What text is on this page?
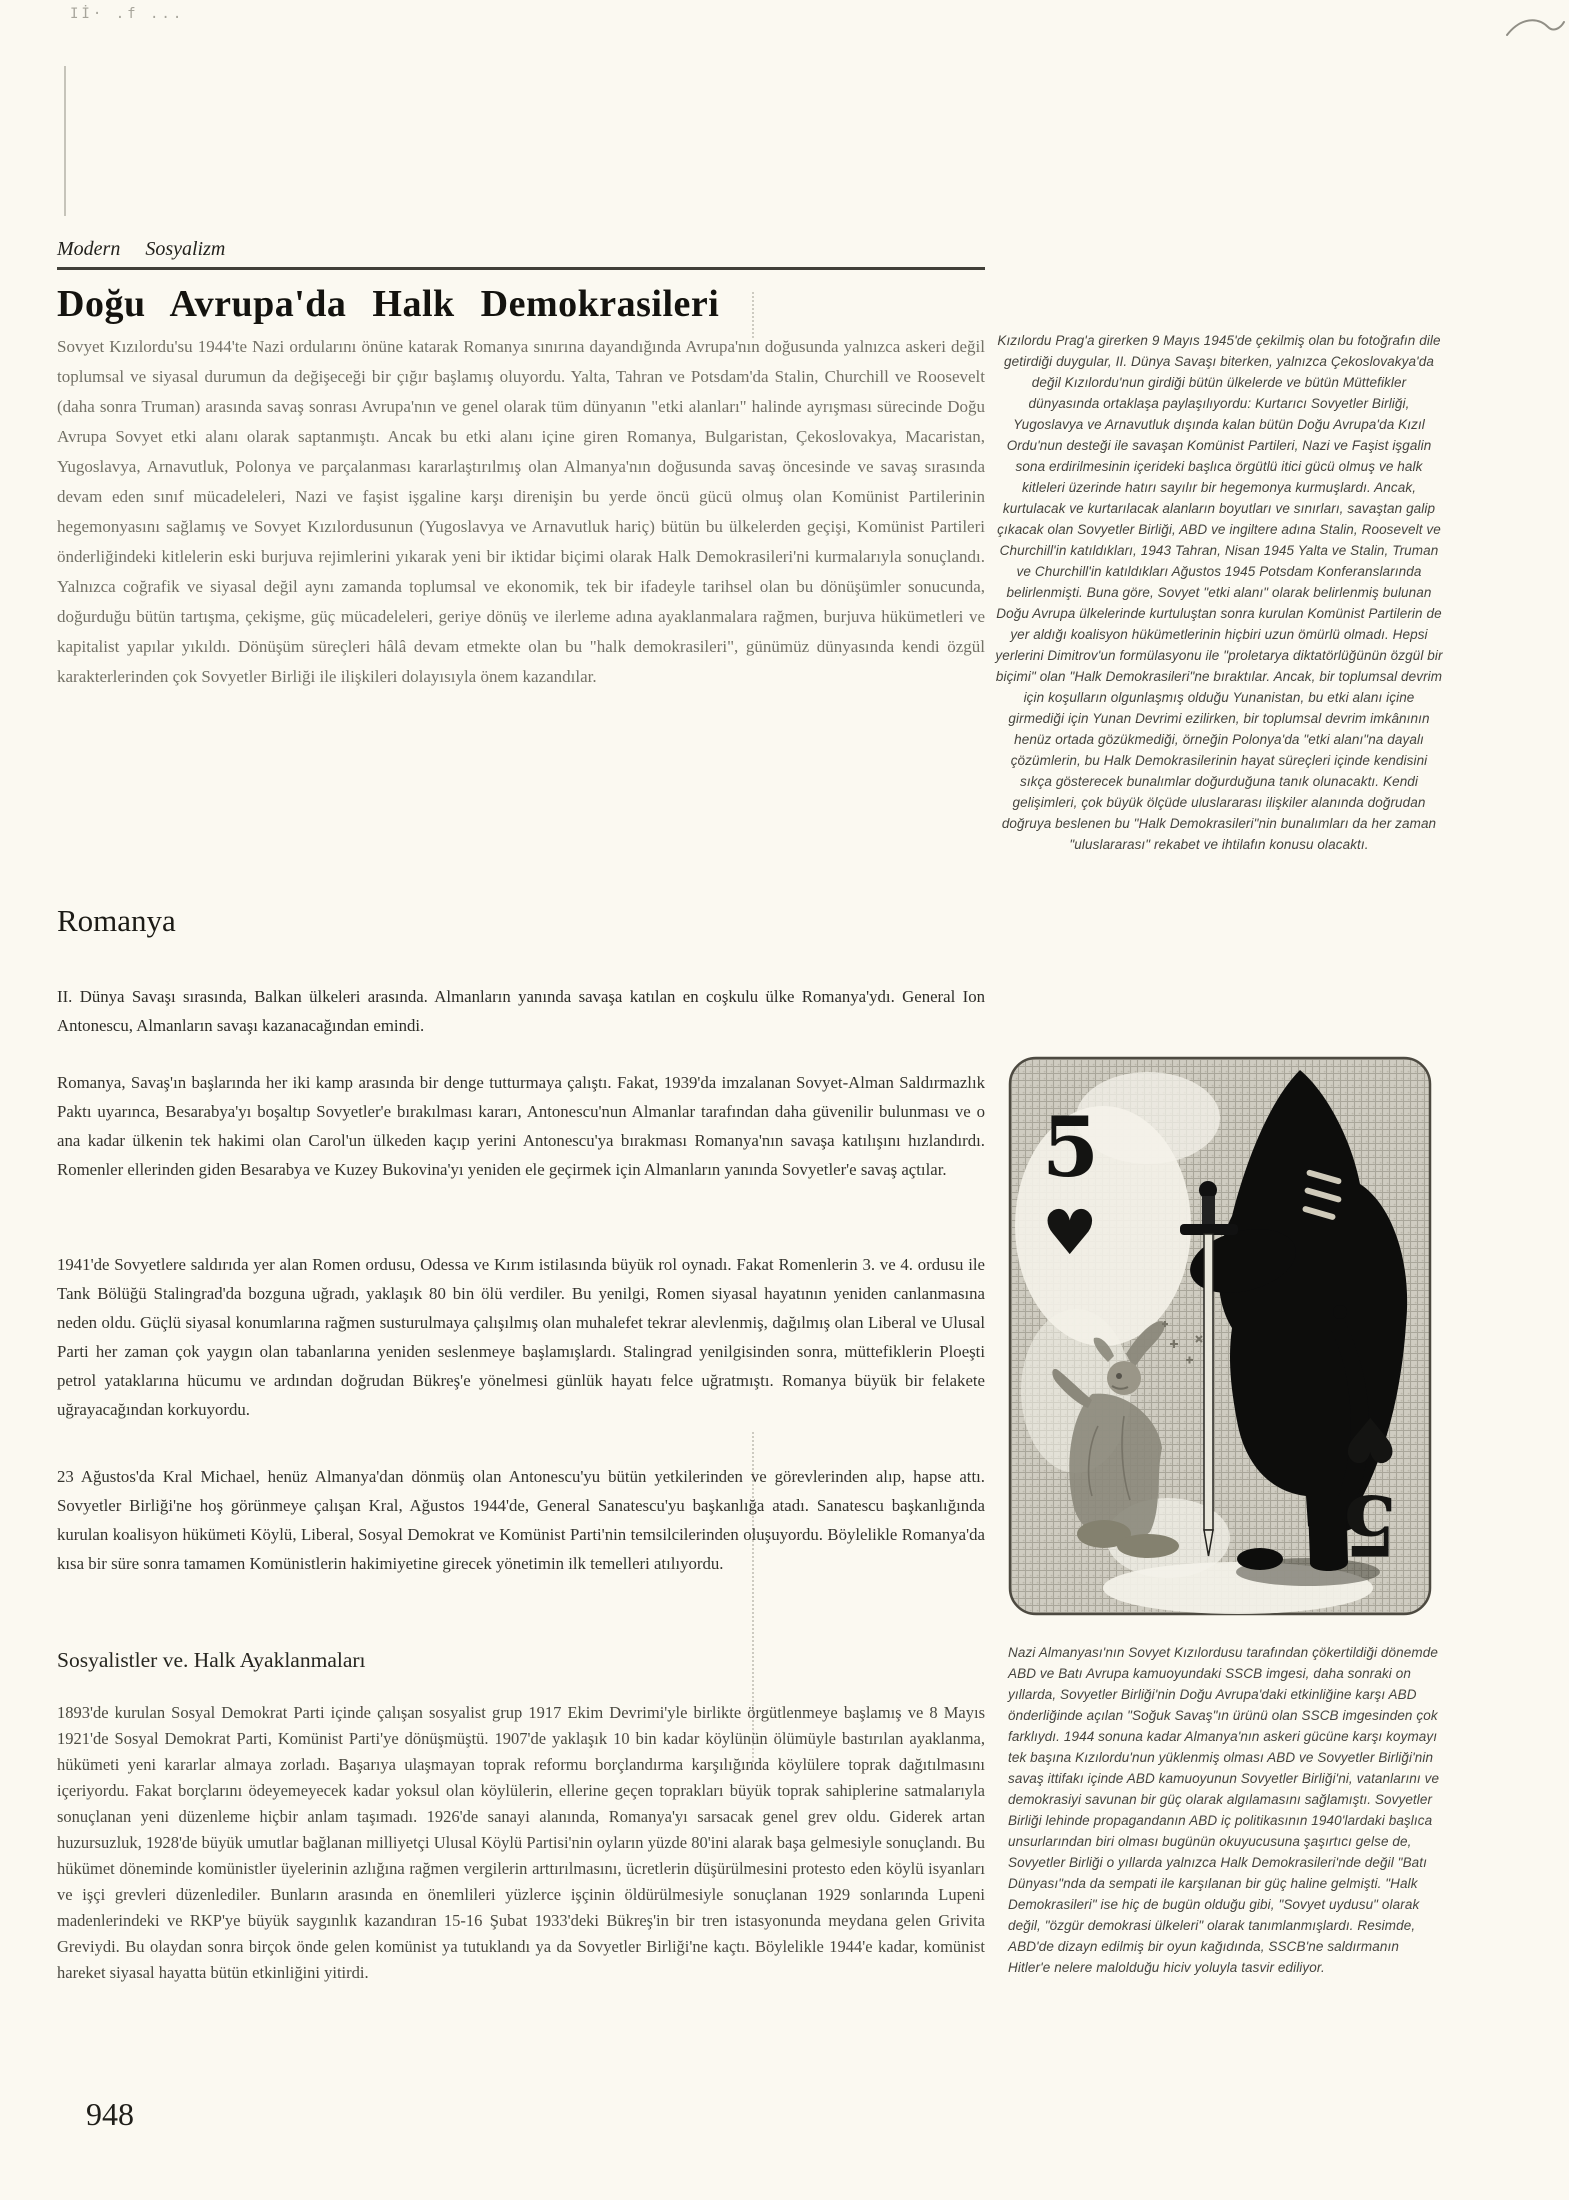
Iİ· .f ...
Modern Sosyalizm
Doğu Avrupa'da Halk Demokrasileri
Sovyet Kızılordu'su 1944'te Nazi ordularını önüne katarak Romanya sınırına dayandığında Avrupa'nın doğusunda yalnızca askeri değil toplumsal ve siyasal durumun da değişeceği bir çığır başlamış oluyordu. Yalta, Tahran ve Potsdam'da Stalin, Churchill ve Roosevelt (daha sonra Truman) arasında savaş sonrası Avrupa'nın ve genel olarak tüm dünyanın "etki alanları" halinde ayrışması sürecinde Doğu Avrupa Sovyet etki alanı olarak saptanmıştı. Ancak bu etki alanı içine giren Romanya, Bulgaristan, Çekoslovakya, Macaristan, Yugoslavya, Arnavutluk, Polonya ve parçalanması kararlaştırılmış olan Almanya'nın doğusunda savaş öncesinde ve savaş sırasında devam eden sınıf mücadeleleri, Nazi ve faşist işgaline karşı direnişin bu yerde öncü gücü olmuş olan Komünist Partilerinin hegemonyasını sağlamış ve Sovyet Kızılordusunun (Yugoslavya ve Arnavutluk hariç) bütün bu ülkelerden geçişi, Komünist Partileri önderliğindeki kitlelerin eski burjuva rejimlerini yıkarak yeni bir iktidar biçimi olarak Halk Demokrasileri'ni kurmalarıyla sonuçlandı. Yalnızca coğrafik ve siyasal değil aynı zamanda toplumsal ve ekonomik, tek bir ifadeyle tarihsel olan bu dönüşümler sonucunda, doğurduğu bütün tartışma, çekişme, güç mücadeleleri, geriye dönüş ve ilerleme adına ayaklanmalara rağmen, burjuva hükümetleri ve kapitalist yapılar yıkıldı. Dönüşüm süreçleri hâlâ devam etmekte olan bu "halk demokrasileri", günümüz dünyasında kendi özgül karakterlerinden çok Sovyetler Birliği ile ilişkileri dolayısıyla önem kazandılar.
Romanya
II. Dünya Savaşı sırasında, Balkan ülkeleri arasında. Almanların yanında savaşa katılan en coşkulu ülke Romanya'ydı. General Ion Antonescu, Almanların savaşı kazanacağından emindi.
Romanya, Savaş'ın başlarında her iki kamp arasında bir denge tutturmaya çalıştı. Fakat, 1939'da imzalanan Sovyet-Alman Saldırmazlık Paktı uyarınca, Besarabya'yı boşaltıp Sovyetler'e bırakılması kararı, Antonescu'nun Almanlar tarafından daha güvenilir bulunması ve o ana kadar ülkenin tek hakimi olan Carol'un ülkeden kaçıp yerini Antonescu'ya bırakması Romanya'nın savaşa katılışını hızlandırdı. Romenler ellerinden giden Besarabya ve Kuzey Bukovina'yı yeniden ele geçirmek için Almanların yanında Sovyetler'e savaş açtılar.
1941'de Sovyetlere saldırıda yer alan Romen ordusu, Odessa ve Kırım istilasında büyük rol oynadı. Fakat Romenlerin 3. ve 4. ordusu ile Tank Bölüğü Stalingrad'da bozguna uğradı, yaklaşık 80 bin ölü verdiler. Bu yenilgi, Romen siyasal hayatının yeniden canlanmasına neden oldu. Güçlü siyasal konumlarına rağmen susturulmaya çalışılmış olan muhalefet tekrar alevlenmiş, dağılmış olan Liberal ve Ulusal Parti her zaman çok yaygın olan tabanlarına yeniden seslenmeye başlamışlardı. Stalingrad yenilgisinden sonra, müttefiklerin Ploeşti petrol yataklarına hücumu ve ardından doğrudan Bükreş'e yönelmesi günlük hayatı felce uğratmıştı. Romanya büyük bir felakete uğrayacağından korkuyordu.
23 Ağustos'da Kral Michael, henüz Almanya'dan dönmüş olan Antonescu'yu bütün yetkilerinden ve görevlerinden alıp, hapse attı. Sovyetler Birliği'ne hoş görünmeye çalışan Kral, Ağustos 1944'de, General Sanatescu'yu başkanlığa atadı. Sanatescu başkanlığında kurulan koalisyon hükümeti Köylü, Liberal, Sosyal Demokrat ve Komünist Parti'nin temsilcilerinden oluşuyordu. Böylelikle Romanya'da kısa bir süre sonra tamamen Komünistlerin hakimiyetine girecek yönetimin ilk temelleri atılıyordu.
Sosyalistler ve. Halk Ayaklanmaları
1893'de kurulan Sosyal Demokrat Parti içinde çalışan sosyalist grup 1917 Ekim Devrimi'yle birlikte örgütlenmeye başlamış ve 8 Mayıs 1921'de Sosyal Demokrat Parti, Komünist Parti'ye dönüşmüştü. 1907'de yaklaşık 10 bin kadar köylünün ölümüyle bastırılan ayaklanma, hükümeti yeni kararlar almaya zorladı. Başarıya ulaşmayan toprak reformu borçlandırma karşılığında köylülere toprak dağıtılmasını içeriyordu. Fakat borçlarını ödeyemeyecek kadar yoksul olan köylülerin, ellerine geçen toprakları büyük toprak sahiplerine satmalarıyla sonuçlanan yeni düzenleme hiçbir anlam taşımadı. 1926'de sanayi alanında, Romanya'yı sarsacak genel grev oldu. Giderek artan huzursuzluk, 1928'de büyük umutlar bağlanan milliyetçi Ulusal Köylü Partisi'nin oyların yüzde 80'ini alarak başa gelmesiyle sonuçlandı. Bu hükümet döneminde komünistler üyelerinin azlığına rağmen vergilerin arttırılmasını, ücretlerin düşürülmesini protesto eden köylü isyanları ve işçi grevleri düzenlediler. Bunların arasında en önemlileri yüzlerce işçinin öldürülmesiyle sonuçlanan 1929 sonlarında Lupeni madenlerindeki ve RKP'ye büyük saygınlık kazandıran 15-16 Şubat 1933'deki Bükreş'in bir tren istasyonunda meydana gelen Grivita Greviydi. Bu olaydan sonra birçok önde gelen komünist ya tutuklandı ya da Sovyetler Birliği'ne kaçtı. Böylelikle 1944'e kadar, komünist hareket siyasal hayatta bütün etkinliğini yitirdi.
948
Kızılordu Prag'a girerken 9 Mayıs 1945'de çekilmiş olan bu fotoğrafın dile getirdiği duygular, II. Dünya Savaşı biterken, yalnızca Çekoslovakya'da değil Kızılordu'nun girdiği bütün ülkelerde ve bütün Müttefikler dünyasında ortaklaşa paylaşılıyordu: Kurtarıcı Sovyetler Birliği, Yugoslavya ve Arnavutluk dışında kalan bütün Doğu Avrupa'da Kızıl Ordu'nun desteği ile savaşan Komünist Partileri, Nazi ve Faşist işgalin sona erdirilmesinin içerideki başlıca örgütlü itici gücü olmuş ve halk kitleleri üzerinde hatırı sayılır bir hegemonya kurmuşlardı. Ancak, kurtulacak ve kurtarılacak alanların boyutları ve sınırları, savaştan galip çıkacak olan Sovyetler Birliği, ABD ve ingiltere adına Stalin, Roosevelt ve Churchill'in katıldıkları, 1943 Tahran, Nisan 1945 Yalta ve Stalin, Truman ve Churchill'in katıldıkları Ağustos 1945 Potsdam Konferanslarında belirlenmişti. Buna göre, Sovyet "etki alanı" olarak belirlenmiş bulunan Doğu Avrupa ülkelerinde kurtuluştan sonra kurulan Komünist Partilerin de yer aldığı koalisyon hükümetlerinin hiçbiri uzun ömürlü olmadı. Hepsi yerlerini Dimitrov'un formülasyonu ile "proletarya diktatörlüğünün özgül bir biçimi" olan "Halk Demokrasileri"ne bıraktılar. Ancak, bir toplumsal devrim için koşulların olgunlaşmış olduğu Yunanistan, bu etki alanı içine girmediği için Yunan Devrimi ezilirken, bir toplumsal devrim imkânının henüz ortada gözükmediği, örneğin Polonya'da "etki alanı"na dayalı çözümlerin, bu Halk Demokrasilerinin hayat süreçleri içinde kendisini sıkça gösterecek bunalımlar doğurduğuna tanık olunacaktı. Kendi gelişimleri, çok büyük ölçüde uluslararası ilişkiler alanında doğrudan doğruya beslenen bu "Halk Demokrasileri"nin bunalımları da her zaman "uluslararası" rekabet ve ihtilafın konusu olacaktı.
5
♥
5
♥
Nazi Almanyası'nın Sovyet Kızılordusu tarafından çökertildiği dönemde ABD ve Batı Avrupa kamuoyundaki SSCB imgesi, daha sonraki on yıllarda, Sovyetler Birliği'nin Doğu Avrupa'daki etkinliğine karşı ABD önderliğinde açılan "Soğuk Savaş"ın ürünü olan SSCB imgesinden çok farklıydı. 1944 sonuna kadar Almanya'nın askeri gücüne karşı koymayı tek başına Kızılordu'nun yüklenmiş olması ABD ve Sovyetler Birliği'nin savaş ittifakı içinde ABD kamuoyunun Sovyetler Birliği'ni, vatanlarını ve demokrasiyi savunan bir güç olarak algılamasını sağlamıştı. Sovyetler Birliği lehinde propagandanın ABD iç politikasının 1940'lardaki başlıca unsurlarından biri olması bugünün okuyucusuna şaşırtıcı gelse de, Sovyetler Birliği o yıllarda yalnızca Halk Demokrasileri'nde değil "Batı Dünyası"nda da sempati ile karşılanan bir güç haline gelmişti. "Halk Demokrasileri" ise hiç de bugün olduğu gibi, "Sovyet uydusu" olarak değil, "özgür demokrasi ülkeleri" olarak tanımlanmışlardı. Resimde, ABD'de dizayn edilmiş bir oyun kağıdında, SSCB'ne saldırmanın Hitler'e nelere malolduğu hiciv yoluyla tasvir ediliyor.
